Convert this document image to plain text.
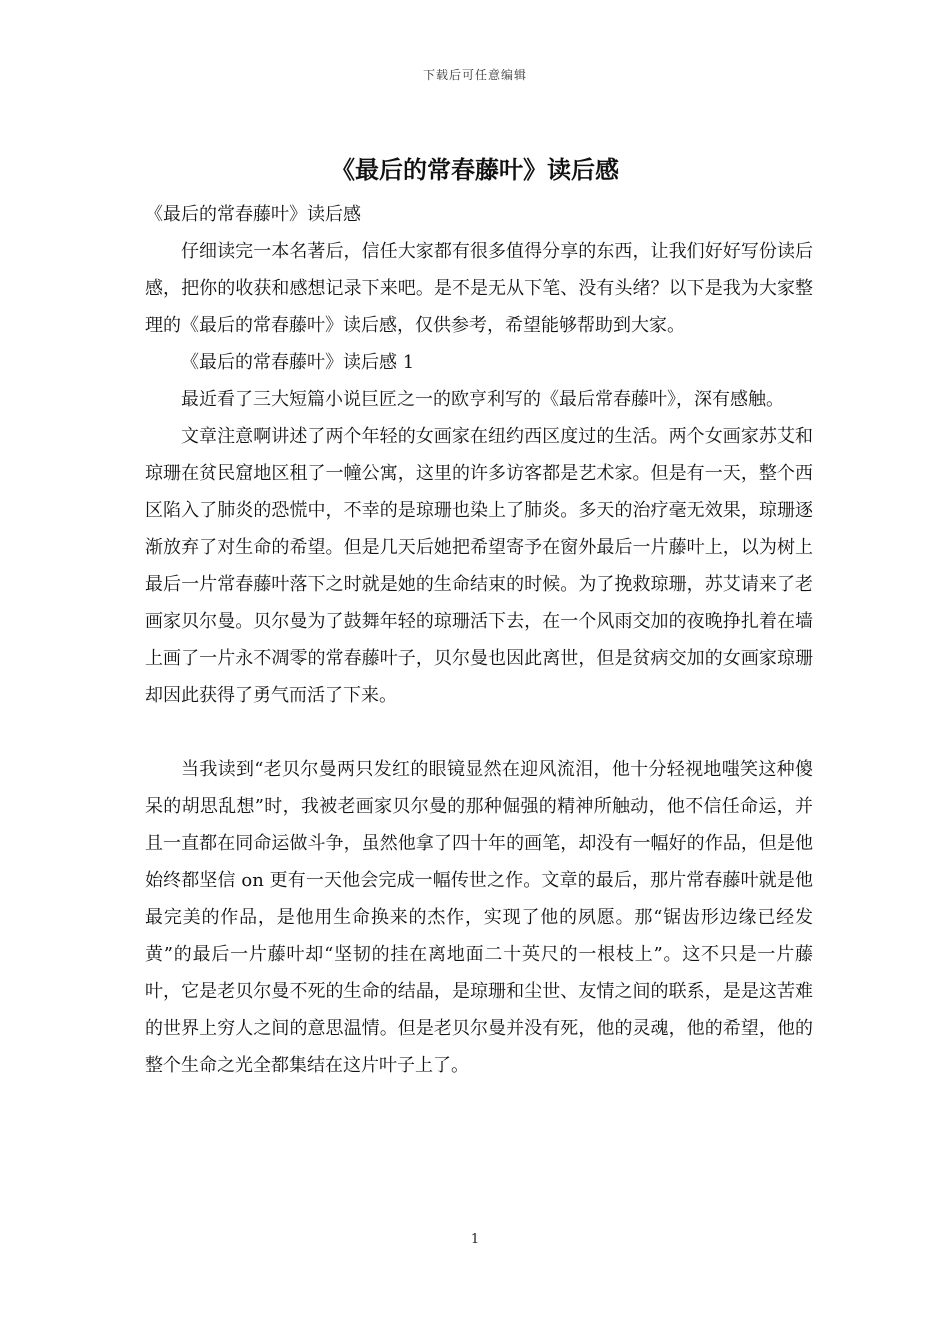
下载后可任意编辑
《最后的常春藤叶》读后感

《最后的常春藤叶》读后感

仔细读完一本名著后，信任大家都有很多值得分享的东西，让我们好好写份读后感，把你的收获和感想记录下来吧。是不是无从下笔、没有头绪？以下是我为大家整理的《最后的常春藤叶》读后感，仅供参考，希望能够帮助到大家。

《最后的常春藤叶》读后感 1

最近看了三大短篇小说巨匠之一的欧亨利写的《最后常春藤叶》，深有感触。

文章注意啊讲述了两个年轻的女画家在纽约西区度过的生活。两个女画家苏艾和琼珊在贫民窟地区租了一幢公寓，这里的许多访客都是艺术家。但是有一天，整个西区陷入了肺炎的恐慌中，不幸的是琼珊也染上了肺炎。多天的治疗毫无效果，琼珊逐渐放弃了对生命的希望。但是几天后她把希望寄予在窗外最后一片藤叶上，以为树上最后一片常春藤叶落下之时就是她的生命结束的时候。为了挽救琼珊，苏艾请来了老画家贝尔曼。贝尔曼为了鼓舞年轻的琼珊活下去，在一个风雨交加的夜晚挣扎着在墙上画了一片永不凋零的常春藤叶子，贝尔曼也因此离世，但是贫病交加的女画家琼珊却因此获得了勇气而活了下来。

当我读到“老贝尔曼两只发红的眼镜显然在迎风流泪，他十分轻视地嗤笑这种傻呆的胡思乱想”时，我被老画家贝尔曼的那种倔强的精神所触动，他不信任命运，并且一直都在同命运做斗争，虽然他拿了四十年的画笔，却没有一幅好的作品，但是他始终都坚信 on 更有一天他会完成一幅传世之作。文章的最后，那片常春藤叶就是他最完美的作品，是他用生命换来的杰作，实现了他的夙愿。那“锯齿形边缘已经发黄”的最后一片藤叶却“坚韧的挂在离地面二十英尺的一根枝上”。这不只是一片藤叶，它是老贝尔曼不死的生命的结晶，是琼珊和尘世、友情之间的联系，是是这苦难的世界上穷人之间的意思温情。但是老贝尔曼并没有死，他的灵魂，他的希望，他的整个生命之光全都集结在这片叶子上了。

1
